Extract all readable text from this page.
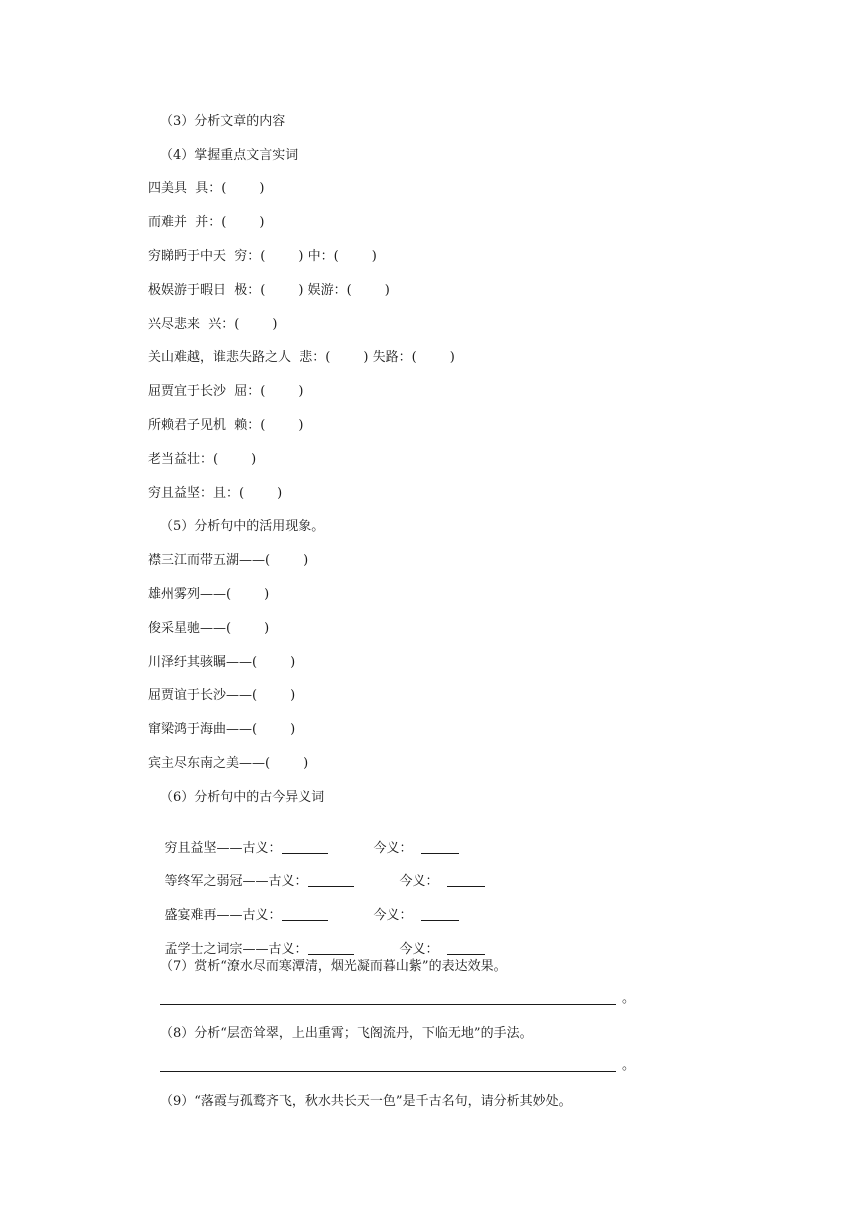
（3）分析文章的内容
（4）掌握重点文言实词
四美具  具：(        )
而难并  并：(        )
穷睇眄于中天  穷：(        ) 中：(        )
极娱游于暇日  极：(        ) 娱游：(        )
兴尽悲来  兴：(        )
关山难越，谁悲失路之人  悲：(        ) 失路：(        )
屈贾宜于长沙  屈：(        )
所赖君子见机  赖：(        )
老当益壮：(        )
穷且益坚：且：(        )
（5）分析句中的活用现象。
襟三江而带五湖——(        )
雄州雾列——(        )
俊采星驰——(        )
川泽纡其骇瞩——(        )
屈贾谊于长沙——(        )
窜梁鸿于海曲——(        )
宾主尽东南之美——(        )
（6）分析句中的古今异义词

穷且益坚——古义：	今义：

等终军之弱冠——古义：	今义：

盛宴难再——古义：	今义：

孟学士之词宗——古义：	今义：

（7）赏析“潦水尽而寒潭清，烟光凝而暮山紫”的表达效果。
。
（8）分析“层峦耸翠，上出重霄；飞阁流丹，下临无地”的手法。
。
（9）“落霞与孤鹜齐飞，秋水共长天一色”是千古名句，请分析其妙处。
